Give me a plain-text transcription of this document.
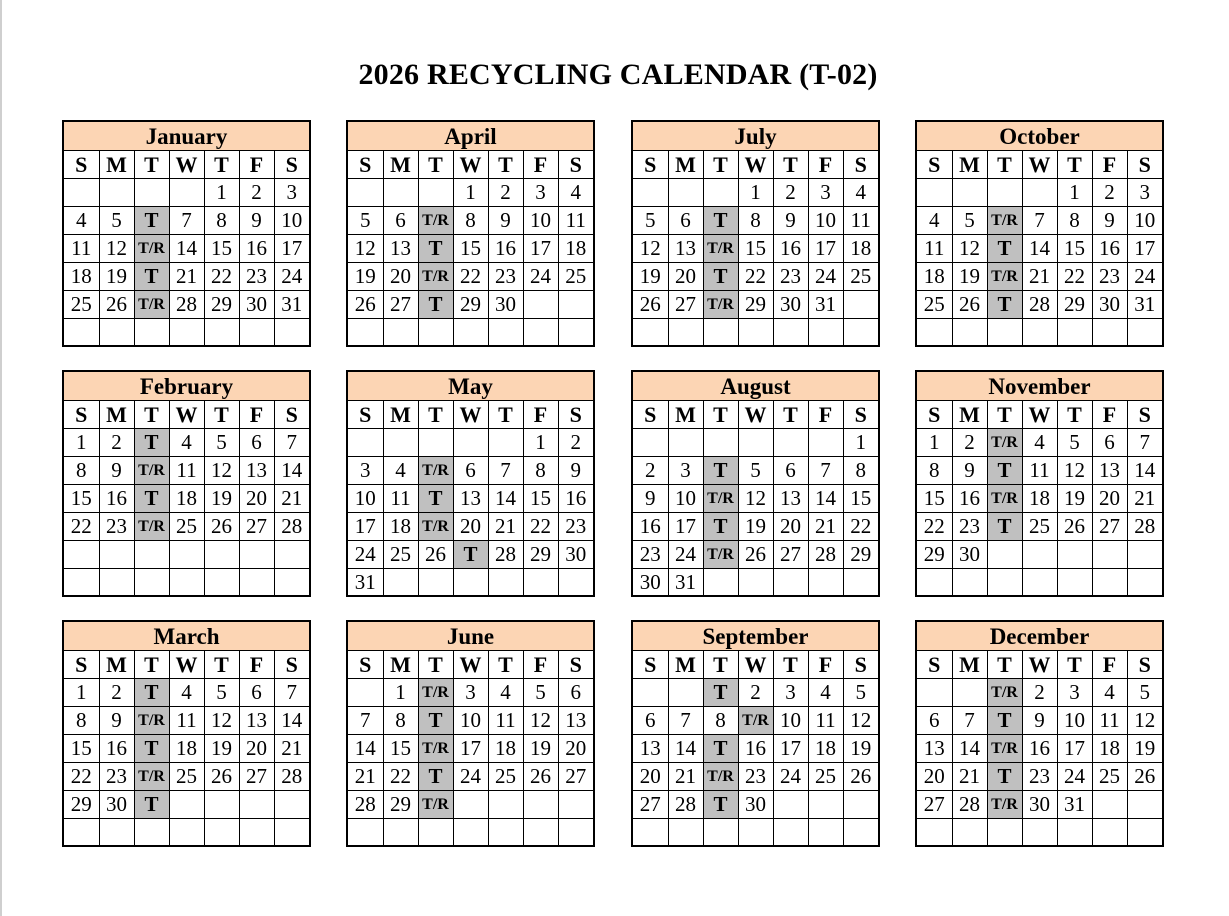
2026 RECYCLING CALENDAR (T-02)
January
S	M	T	W	T	F	S
				1	2	3
4	5	T	7	8	9	10
11	12	T/R	14	15	16	17
18	19	T	21	22	23	24
25	26	T/R	28	29	30	31

February
S	M	T	W	T	F	S
1	2	T	4	5	6	7
8	9	T/R	11	12	13	14
15	16	T	18	19	20	21
22	23	T/R	25	26	27	28

March
S	M	T	W	T	F	S
1	2	T	4	5	6	7
8	9	T/R	11	12	13	14
15	16	T	18	19	20	21
22	23	T/R	25	26	27	28
29	30	T				

April
S	M	T	W	T	F	S
			1	2	3	4
5	6	T/R	8	9	10	11
12	13	T	15	16	17	18
19	20	T/R	22	23	24	25
26	27	T	29	30		

May
S	M	T	W	T	F	S
					1	2
3	4	T/R	6	7	8	9
10	11	T	13	14	15	16
17	18	T/R	20	21	22	23
24	25	26	T	28	29	30
31						
June
S	M	T	W	T	F	S
	1	T/R	3	4	5	6
7	8	T	10	11	12	13
14	15	T/R	17	18	19	20
21	22	T	24	25	26	27
28	29	T/R				

July
S	M	T	W	T	F	S
			1	2	3	4
5	6	T	8	9	10	11
12	13	T/R	15	16	17	18
19	20	T	22	23	24	25
26	27	T/R	29	30	31	

August
S	M	T	W	T	F	S
						1
2	3	T	5	6	7	8
9	10	T/R	12	13	14	15
16	17	T	19	20	21	22
23	24	T/R	26	27	28	29
30	31					
September
S	M	T	W	T	F	S
		T	2	3	4	5
6	7	8	T/R	10	11	12
13	14	T	16	17	18	19
20	21	T/R	23	24	25	26
27	28	T	30			

October
S	M	T	W	T	F	S
				1	2	3
4	5	T/R	7	8	9	10
11	12	T	14	15	16	17
18	19	T/R	21	22	23	24
25	26	T	28	29	30	31

November
S	M	T	W	T	F	S
1	2	T/R	4	5	6	7
8	9	T	11	12	13	14
15	16	T/R	18	19	20	21
22	23	T	25	26	27	28
29	30					

December
S	M	T	W	T	F	S
		T/R	2	3	4	5
6	7	T	9	10	11	12
13	14	T/R	16	17	18	19
20	21	T	23	24	25	26
27	28	T/R	30	31		
